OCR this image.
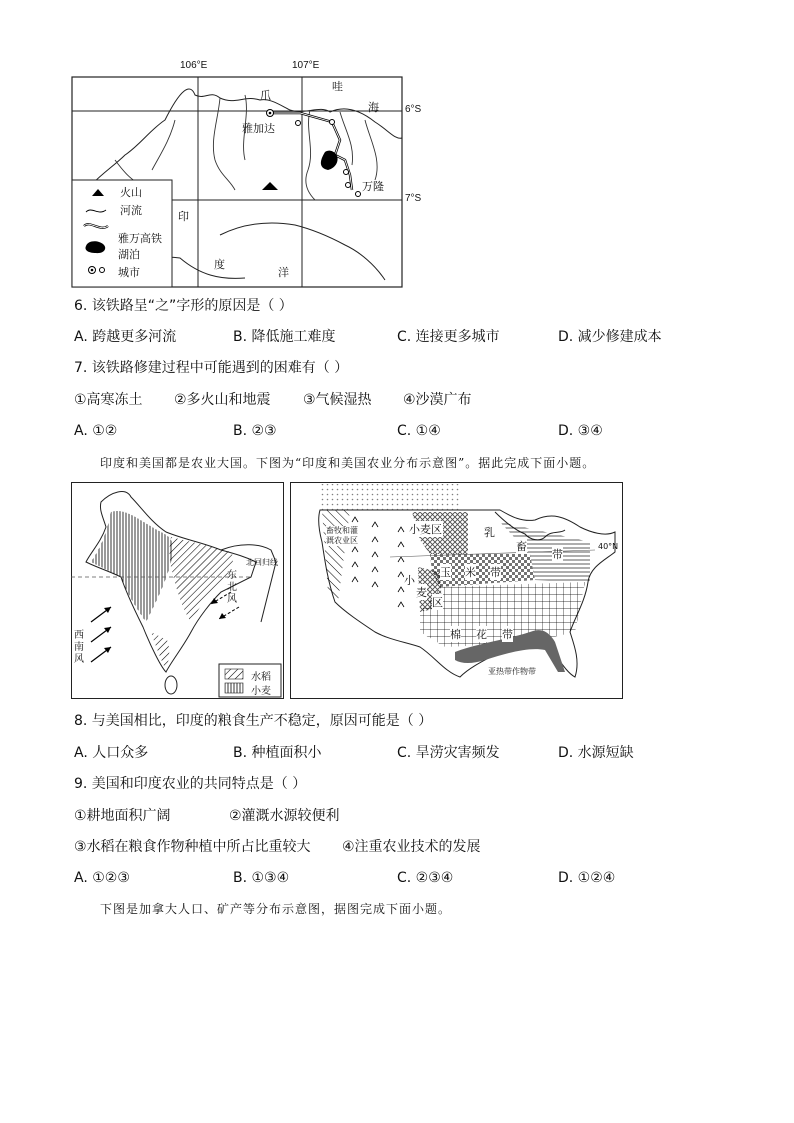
106°E	107°E
6°S
7°S
爪
哇
海
雅加达
万隆
印
度
洋
火山
河流
雅万高铁
湖泊
城市
6. 该铁路呈“之”字形的原因是（ ）
A. 跨越更多河流	B. 降低施工难度	C. 连接更多城市	D. 减少修建成本
7. 该铁路修建过程中可能遇到的困难有（ ）
①高寒冻土 ②多火山和地震 ③气候湿热 ④沙漠广布
A. ①②	B. ②③	C. ①④	D. ③④
印度和美国都是农业大国。下图为“印度和美国农业分布示意图”。据此完成下面小题。
北回归线
东北风
西南风
水稻
小麦
小麦区	乳
畜
带
玉 米 带
小
麦
区
棉 花 带
畜牧和灌溉农业区
40°N
亚热带作物带
8. 与美国相比，印度的粮食生产不稳定，原因可能是（ ）
A. 人口众多	B. 种植面积小	C. 旱涝灾害频发	D. 水源短缺
9. 美国和印度农业的共同特点是（ ）
①耕地面积广阔	②灌溉水源较便利
③水稻在粮食作物种植中所占比重较大 ④注重农业技术的发展
A. ①②③	B. ①③④	C. ②③④	D. ①②④
下图是加拿大人口、矿产等分布示意图，据图完成下面小题。
